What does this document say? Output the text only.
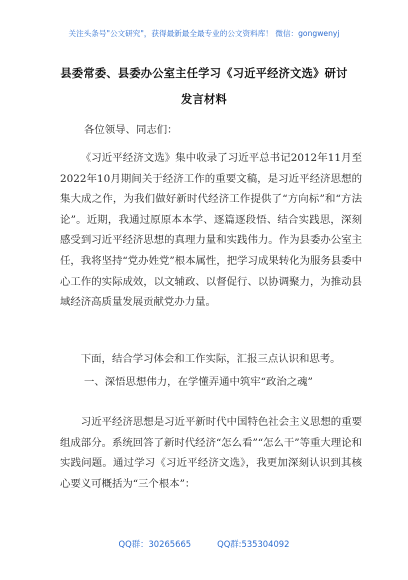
关注头条号"公文研究"，获得最新最全最专业的公文资料库！ 微信：gongwenyj
县委常委、县委办公室主任学习《习近平经济文选》研讨
发言材料
各位领导、同志们：
《习近平经济文选》集中收录了习近平总书记2012年11月至2022年10月期间关于经济工作的重要文稿，是习近平经济思想的集大成之作，为我们做好新时代经济工作提供了“方向标”和“方法论”。近期，我通过原原本本学、逐篇逐段悟、结合实践思，深刻感受到习近平经济思想的真理力量和实践伟力。作为县委办公室主任，我将坚持“党办姓党”根本属性，把学习成果转化为服务县委中心工作的实际成效，以文辅政、以督促行、以协调聚力，为推动县域经济高质量发展贡献党办力量。
下面，结合学习体会和工作实际，汇报三点认识和思考。
一、深悟思想伟力，在学懂弄通中筑牢“政治之魂”
习近平经济思想是习近平新时代中国特色社会主义思想的重要组成部分。系统回答了新时代经济“怎么看”“怎么干”等重大理论和实践问题。通过学习《习近平经济文选》，我更加深刻认识到其核心要义可概括为“三个根本”：
QQ群：30265665	QQ群:535304092
